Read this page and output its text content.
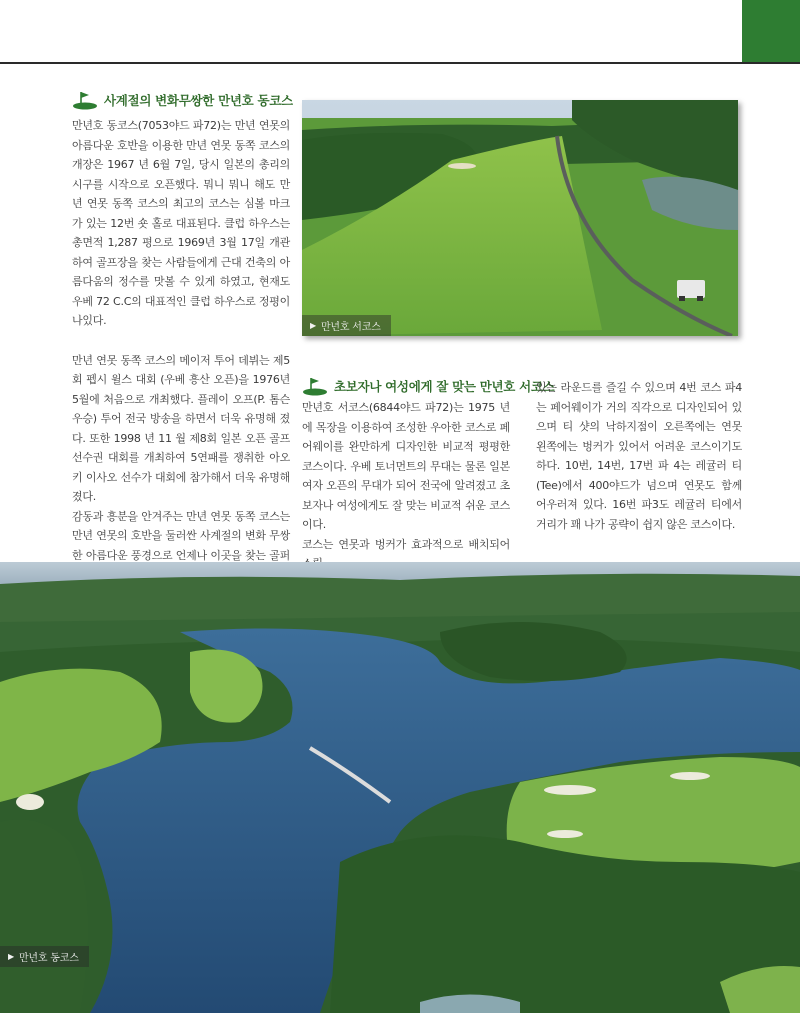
사계절의 변화무쌍한 만년호 동코스

만년호 동코스(7053야드 파72)는 만년 연못의 아름다운 호반을 이용한 만년 연못 동쪽 코스의 개장은 1967 년 6월 7일, 당시 일본의 총리의 시구를 시작으로 오픈했다. 뭐니 뭐니 해도 만년 연못 동쪽 코스의 최고의 코스는 심볼 마크가 있는 12번 숏 홀로 대표된다. 클럽 하우스는 총면적 1,287 평으로 1969년 3월 17일 개관하여 골프장을 찾는 사람들에게 근대 건축의 아름다움의 정수를 맛볼 수 있게 하였고, 현재도 우베 72 C.C의 대표적인 클럽 하우스로 정평이 나있다.

만년 연못 동쪽 코스의 메이저 투어 데뷔는 제5회 펩시 윌스 대회 (우베 흥산 오픈)을 1976년 5월에 처음으로 개최했다. 플레이 오프(P. 톰슨 우승) 투어 전국 방송을 하면서 더욱 유명해 졌다. 또한 1998 년 11 월 제8회 일본 오픈 골프 선수권 대회를 개최하여 5연패를 쟁취한 아오키 이사오 선수가 대회에 참가해서 더욱 유명해졌다.

감동과 흥분을 안겨주는 만년 연못 동쪽 코스는 만년 연못의 호반을 둘러싼 사계절의 변화 무쌍한 아름다운 풍경으로 언제나 이곳을 찾는 골퍼

▶ 만년호 서코스
초보자나 여성에게 잘 맞는 만년호 서코스

만년호 서코스(6844야드 파72)는 1975 년에 목장을 이용하여 조성한 우아한 코스로 페어웨이를 완만하게 디자인한 비교적 평평한 코스이다. 우베 토너먼트의 무대는 물론 일본 여자 오픈의 무대가 되어 전국에 알려졌고 초보자나 여성에게도 잘 맞는 비교적 쉬운 코스이다.

코스는 연못과 벙커가 효과적으로 배치되어

있는 라운드를 즐길 수 있으며 4번 코스 파4는 페어웨이가 거의 직각으로 디자인되어 있으며 티 샷의 낙하지점이 오른쪽에는 연못 왼쪽에는 벙커가 있어서 어려운 코스이기도 하다. 10번, 14번, 17번 파 4는 레귤러 티(Tee)에서 400야드가 넘으며 연못도 함께 어우러져 있다. 16번 파3도 레귤러 티에서 거리가 꽤 나가 공략이 쉽지 않은 코스이다.

▶ 만년호 동코스
